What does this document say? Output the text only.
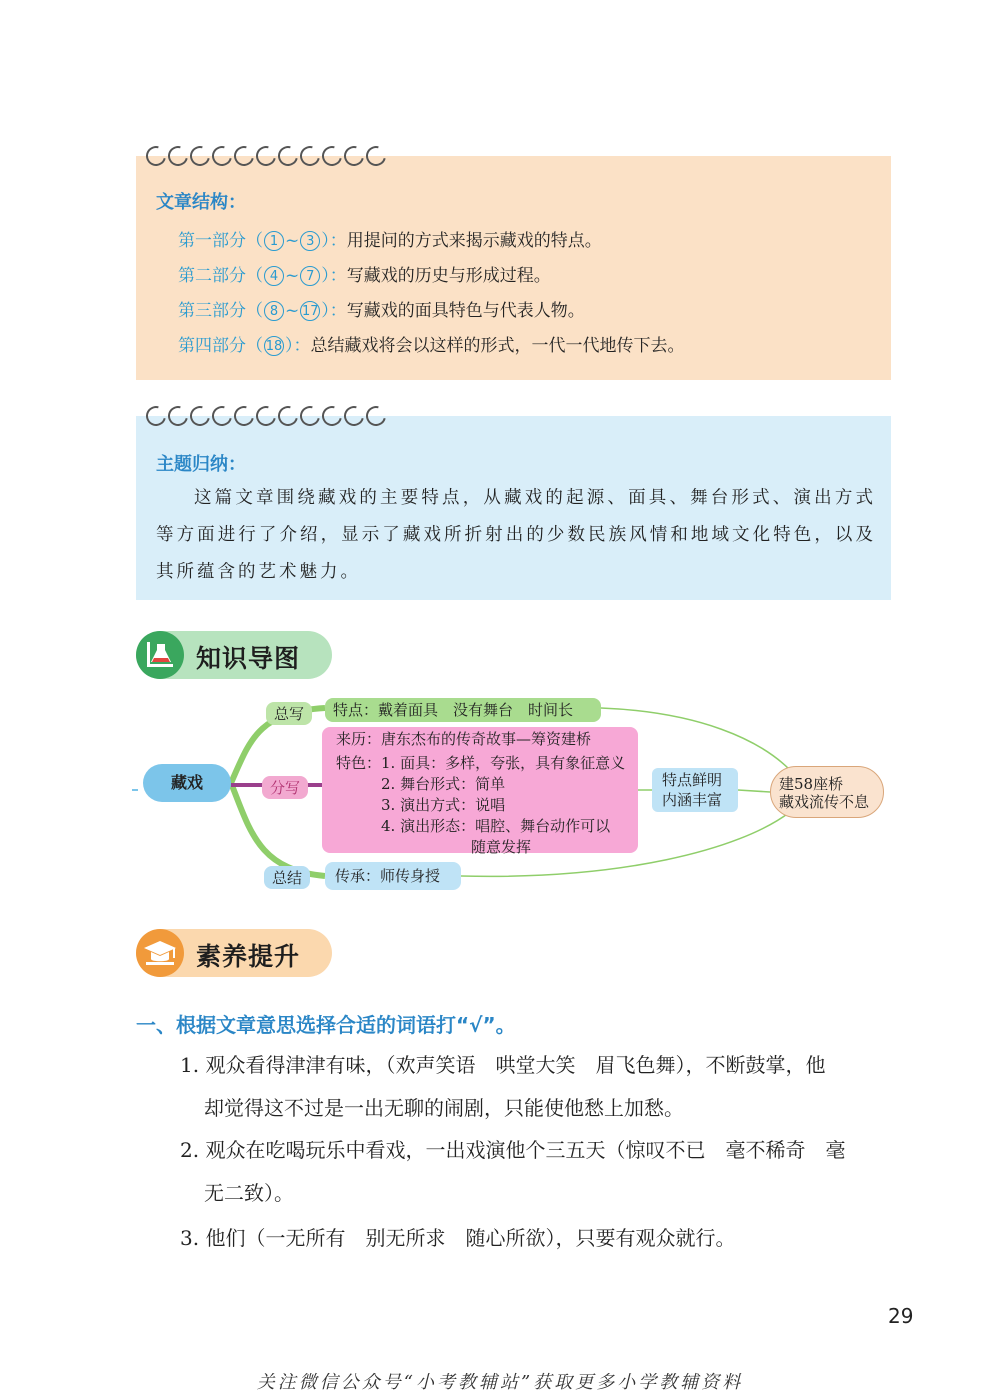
文章结构：
第一部分（ 1 ~ 3 ）：用提问的方式来揭示藏戏的特点。
第二部分（ 4 ~ 7 ）：写藏戏的历史与形成过程。
第三部分（ 8 ~ 17 ）：写藏戏的面具特色与代表人物。
第四部分（ 18 ）：总结藏戏将会以这样的形式，一代一代地传下去。
主题归纳：
这篇文章围绕藏戏的主要特点，从藏戏的起源、面具、舞台形式、演出方式等方面进行了介绍，显示了藏戏所折射出的少数民族风情和地域文化特色，以及其所蕴含的艺术魅力。
知识导图
藏戏
总写
分写
总结
特点：戴着面具　没有舞台　时间长
来历：唐东杰布的传奇故事—筹资建桥
特色：1. 面具：多样，夸张，具有象征意义
　　　2. 舞台形式：简单
　　　3. 演出方式：说唱
　　　4. 演出形态：唱腔、舞台动作可以
　　　　　　　　　随意发挥
传承：师传身授
特点鲜明
内涵丰富
建58座桥
藏戏流传不息
素养提升
一、根据文章意思选择合适的词语打“√”。
1. 观众看得津津有味，（欢声笑语　哄堂大笑　眉飞色舞），不断鼓掌，他
却觉得这不过是一出无聊的闹剧，只能使他愁上加愁。
2. 观众在吃喝玩乐中看戏，一出戏演他个三五天（惊叹不已　毫不稀奇　毫
无二致）。
3. 他们（一无所有　别无所求　随心所欲），只要有观众就行。
29
关注微信公众号“小考教辅站”获取更多小学教辅资料
